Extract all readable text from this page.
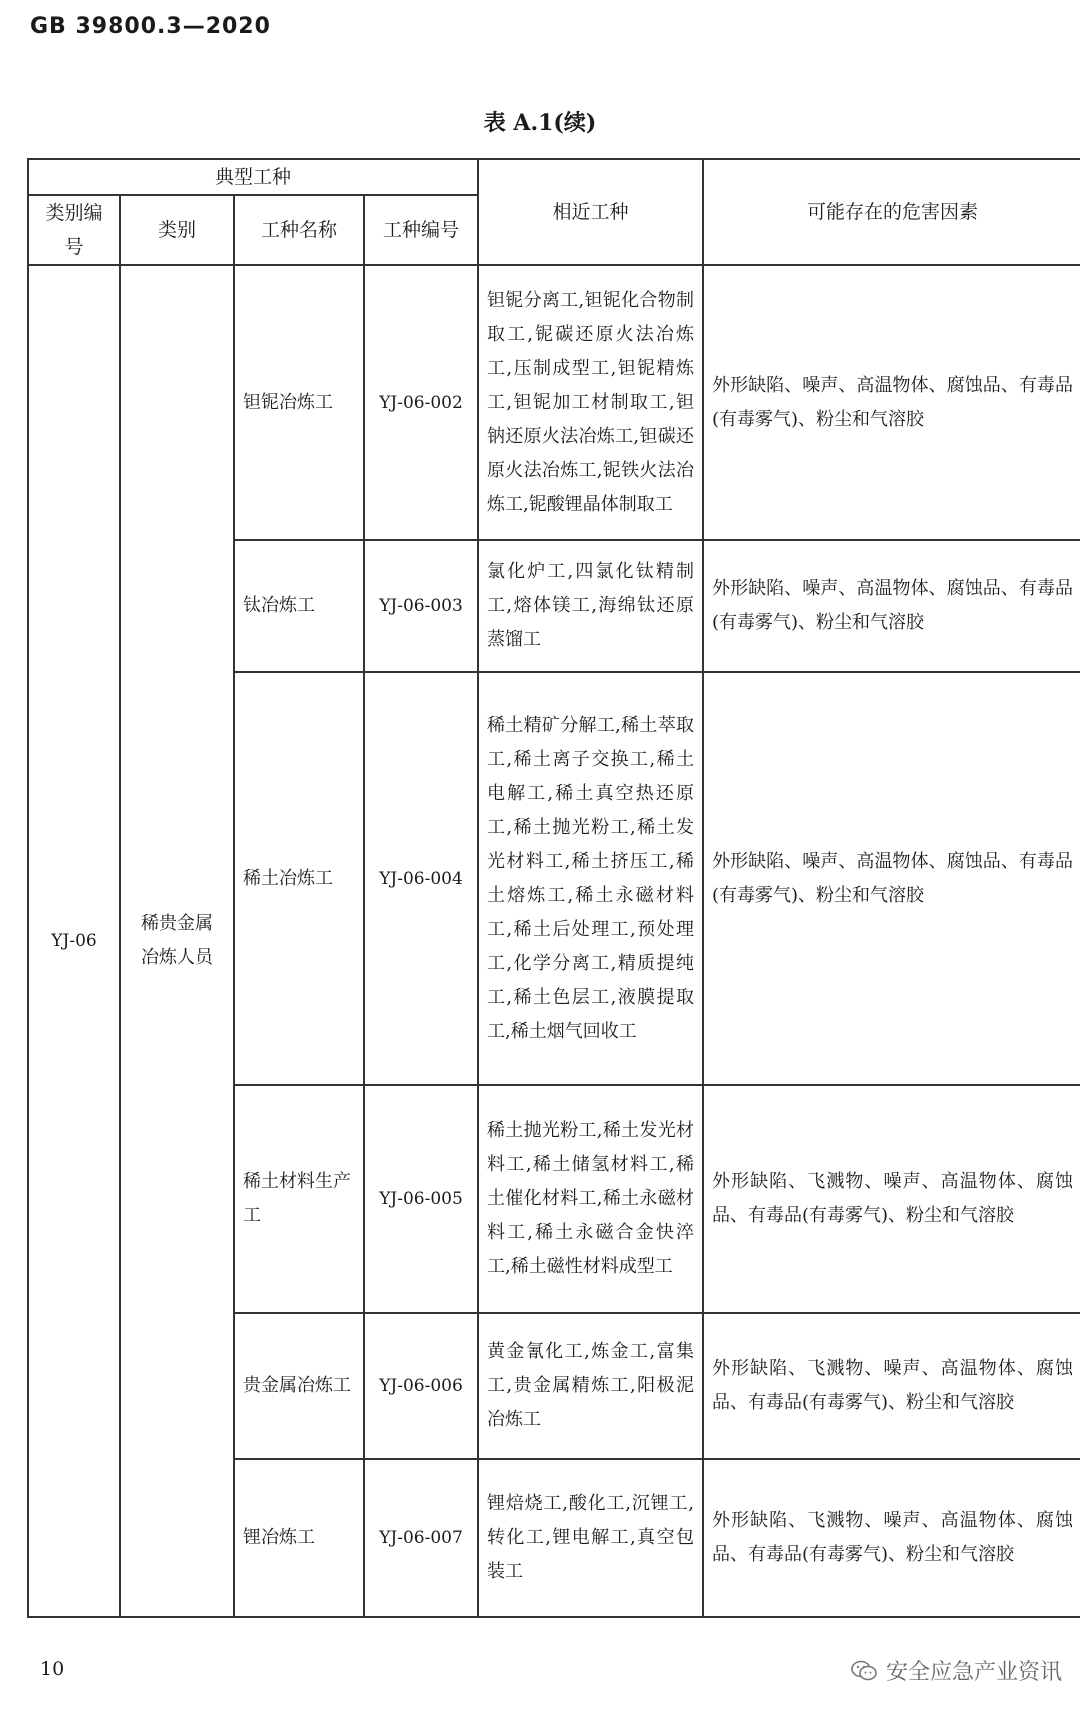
GB 39800.3—2020
表 A.1(续)
典型工种				相近工种	可能存在的危害因素
类别编号	类别	工种名称	工种编号		
YJ-06	稀贵金属冶炼人员	钽铌冶炼工	YJ-06-002	钽铌分离工,钽铌化合物制取工,铌碳还原火法冶炼工,压制成型工,钽铌精炼工,钽铌加工材制取工,钽钠还原火法冶炼工,钽碳还原火法冶炼工,铌铁火法冶炼工,铌酸锂晶体制取工	外形缺陷、噪声、高温物体、腐蚀品、有毒品(有毒雾气)、粉尘和气溶胶
		钛冶炼工	YJ-06-003	氯化炉工,四氯化钛精制工,熔体镁工,海绵钛还原蒸馏工	外形缺陷、噪声、高温物体、腐蚀品、有毒品(有毒雾气)、粉尘和气溶胶
		稀土冶炼工	YJ-06-004	稀土精矿分解工,稀土萃取工,稀土离子交换工,稀土电解工,稀土真空热还原工,稀土抛光粉工,稀土发光材料工,稀土挤压工,稀土熔炼工,稀土永磁材料工,稀土后处理工,预处理工,化学分离工,精质提纯工,稀土色层工,液膜提取工,稀土烟气回收工	外形缺陷、噪声、高温物体、腐蚀品、有毒品(有毒雾气)、粉尘和气溶胶
		稀土材料生产工	YJ-06-005	稀土抛光粉工,稀土发光材料工,稀土储氢材料工,稀土催化材料工,稀土永磁材料工,稀土永磁合金快淬工,稀土磁性材料成型工	外形缺陷、飞溅物、噪声、高温物体、腐蚀品、有毒品(有毒雾气)、粉尘和气溶胶
		贵金属冶炼工	YJ-06-006	黄金氰化工,炼金工,富集工,贵金属精炼工,阳极泥冶炼工	外形缺陷、飞溅物、噪声、高温物体、腐蚀品、有毒品(有毒雾气)、粉尘和气溶胶
		锂冶炼工	YJ-06-007	锂焙烧工,酸化工,沉锂工,转化工,锂电解工,真空包装工	外形缺陷、飞溅物、噪声、高温物体、腐蚀品、有毒品(有毒雾气)、粉尘和气溶胶
10	安全应急产业资讯
